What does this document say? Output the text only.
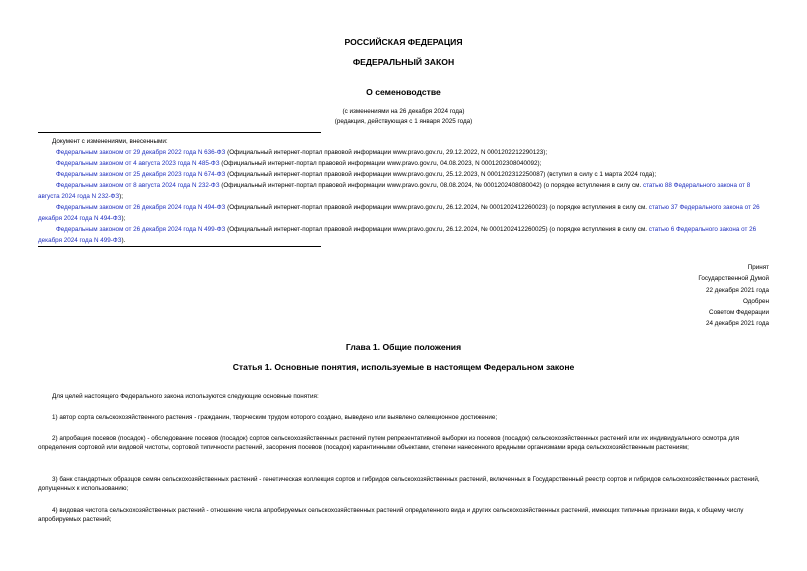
РОССИЙСКАЯ ФЕДЕРАЦИЯ
ФЕДЕРАЛЬНЫЙ ЗАКОН
О семеноводстве
(с изменениями на 26 декабря 2024 года)
(редакция, действующая с 1 января 2025 года)
Документ с изменениями, внесенными:
Федеральным законом от 29 декабря 2022 года N 636-ФЗ (Официальный интернет-портал правовой информации www.pravo.gov.ru, 29.12.2022, N 0001202212290123);
Федеральным законом от 4 августа 2023 года N 485-ФЗ (Официальный интернет-портал правовой информации www.pravo.gov.ru, 04.08.2023, N 0001202308040092);
Федеральным законом от 25 декабря 2023 года N 674-ФЗ (Официальный интернет-портал правовой информации www.pravo.gov.ru, 25.12.2023, N 0001202312250087) (вступил в силу с 1 марта 2024 года);
Федеральным законом от 8 августа 2024 года N 232-ФЗ (Официальный интернет-портал правовой информации www.pravo.gov.ru, 08.08.2024, № 0001202408080042) (о порядке вступления в силу см. статью 88 Федерального закона от 8 августа 2024 года N 232-ФЗ);
Федеральным законом от 26 декабря 2024 года N 494-ФЗ (Официальный интернет-портал правовой информации www.pravo.gov.ru, 26.12.2024, № 0001202412260023) (о порядке вступления в силу см. статью 37 Федерального закона от 26 декабря 2024 года N 494-ФЗ);
Федеральным законом от 26 декабря 2024 года N 499-ФЗ (Официальный интернет-портал правовой информации www.pravo.gov.ru, 26.12.2024, № 0001202412260025) (о порядке вступления в силу см. статью 6 Федерального закона от 26 декабря 2024 года N 499-ФЗ).
Принят
Государственной Думой
22 декабря 2021 года
Одобрен
Советом Федерации
24 декабря 2021 года
Глава 1. Общие положения
Статья 1. Основные понятия, используемые в настоящем Федеральном законе

Для целей настоящего Федерального закона используются следующие основные понятия:

1) автор сорта сельскохозяйственного растения - гражданин, творческим трудом которого создано, выведено или выявлено селекционное достижение;

2) апробация посевов (посадок) - обследование посевов (посадок) сортов сельскохозяйственных растений путем репрезентативной выборки из посевов (посадок) сельскохозяйственных растений или их индивидуального осмотра для определения сортовой или видовой чистоты, сортовой типичности растений, засорения посевов (посадок) карантинными объектами, степени нанесенного вредными организмами вреда сельскохозяйственным растениям;

3) банк стандартных образцов семян сельскохозяйственных растений - генетическая коллекция сортов и гибридов сельскохозяйственных растений, включенных в Государственный реестр сортов и гибридов сельскохозяйственных растений, допущенных к использованию;

4) видовая чистота сельскохозяйственных растений - отношение числа апробируемых сельскохозяйственных растений определенного вида и других сельскохозяйственных растений, имеющих типичные признаки вида, к общему числу апробируемых растений;
